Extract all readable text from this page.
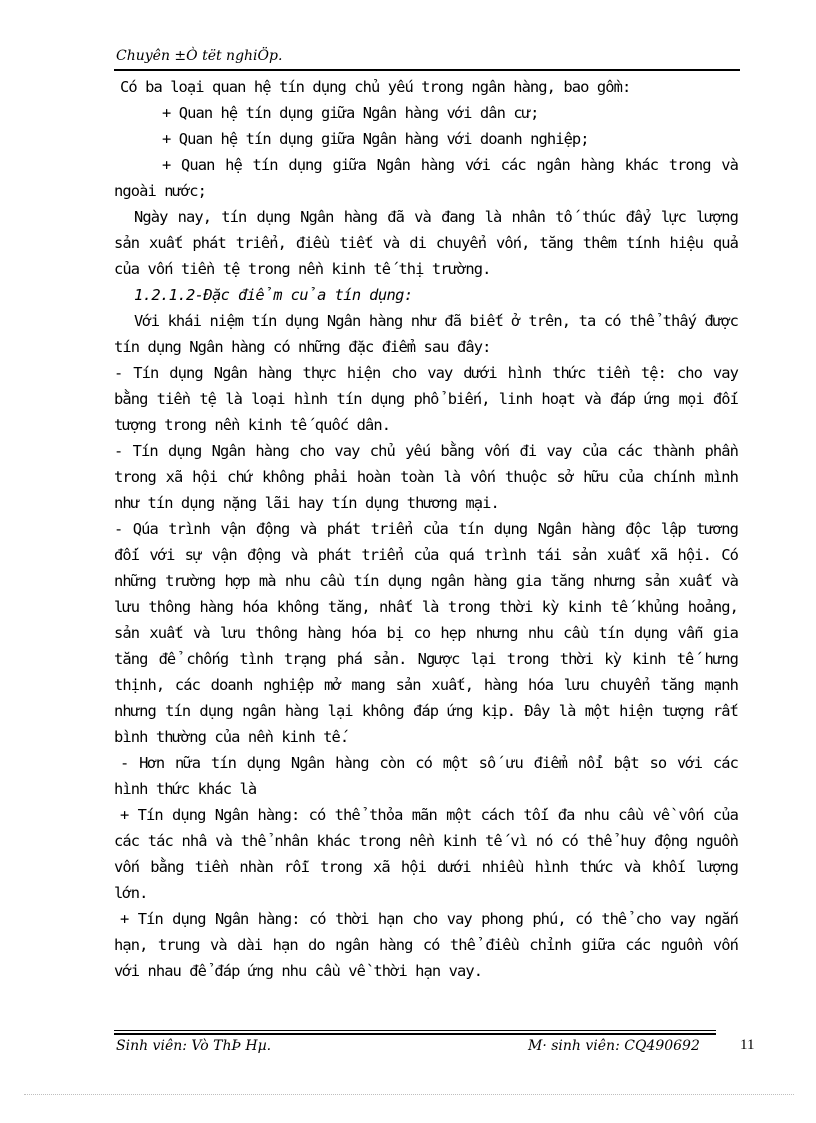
Chuyên ±Ò tët nghiÖp.

Có ba loại quan hệ tín dụng chủ yếu trong ngân hàng, bao gồm:

+ Quan hệ tín dụng giữa Ngân hàng với dân cư;

+ Quan hệ tín dụng giữa Ngân hàng với doanh nghiệp;

+ Quan hệ tín dụng giữa Ngân hàng với các ngân hàng khác trong và ngoài nước;

Ngày nay, tín dụng Ngân hàng đã và đang là nhân tố thúc đẩy lực lượng sản xuất phát triển, điều tiết và di chuyển vốn, tăng thêm tính hiệu quả của vốn tiền tệ trong nền kinh tế thị trường.

1.2.1.2-Đặc điểm của tín dụng:

Với khái niệm tín dụng Ngân hàng như đã biết ở trên, ta có thể thấy được tín dụng Ngân hàng có những đặc điểm sau đây:

- Tín dụng Ngân hàng thực hiện cho vay dưới hình thức tiền tệ: cho vay bằng tiền tệ là loại hình tín dụng phổ biến, linh hoạt và đáp ứng mọi đối tượng trong nền kinh tế quốc dân.

- Tín dụng Ngân hàng cho vay chủ yếu bằng vốn đi vay của các thành phần trong xã hội chứ không phải hoàn toàn là vốn thuộc sở hữu của chính mình như tín dụng nặng lãi hay tín dụng thương mại.

- Qúa trình vận động và phát triển của tín dụng Ngân hàng độc lập tương đối với sự vận động và phát triển của quá trình tái sản xuất xã hội. Có những trường hợp mà nhu cầu tín dụng ngân hàng gia tăng nhưng sản xuất và lưu thông hàng hóa không tăng, nhất là trong thời kỳ kinh tế khủng hoảng, sản xuất và lưu thông hàng hóa bị co hẹp nhưng nhu cầu tín dụng vẫn gia tăng để chống tình trạng phá sản. Ngược lại trong thời kỳ kinh tế hưng thịnh, các doanh nghiệp mở mang sản xuất, hàng hóa lưu chuyển tăng mạnh nhưng tín dụng ngân hàng lại không đáp ứng kịp. Đây là một hiện tượng rất bình thường của nền kinh tế.

- Hơn nữa tín dụng Ngân hàng còn có một số ưu điểm nổi bật so với các hình thức khác là

+ Tín dụng Ngân hàng: có thể thỏa mãn một cách tối đa nhu cầu về vốn của các tác nhâ và thể nhân khác trong nền kinh tế vì nó có thể huy động nguồn vốn bằng tiền nhàn rỗi trong xã hội dưới nhiều hình thức và khối lượng lớn.

+ Tín dụng Ngân hàng: có thời hạn cho vay phong phú, có thể cho vay ngắn hạn, trung và dài hạn do ngân hàng có thể điều chỉnh giữa các nguồn vốn với nhau để đáp ứng nhu cầu về thời hạn vay.

Sinh viên: Vò ThÞ Hµ.	M· sinh viên: CQ490692	11
